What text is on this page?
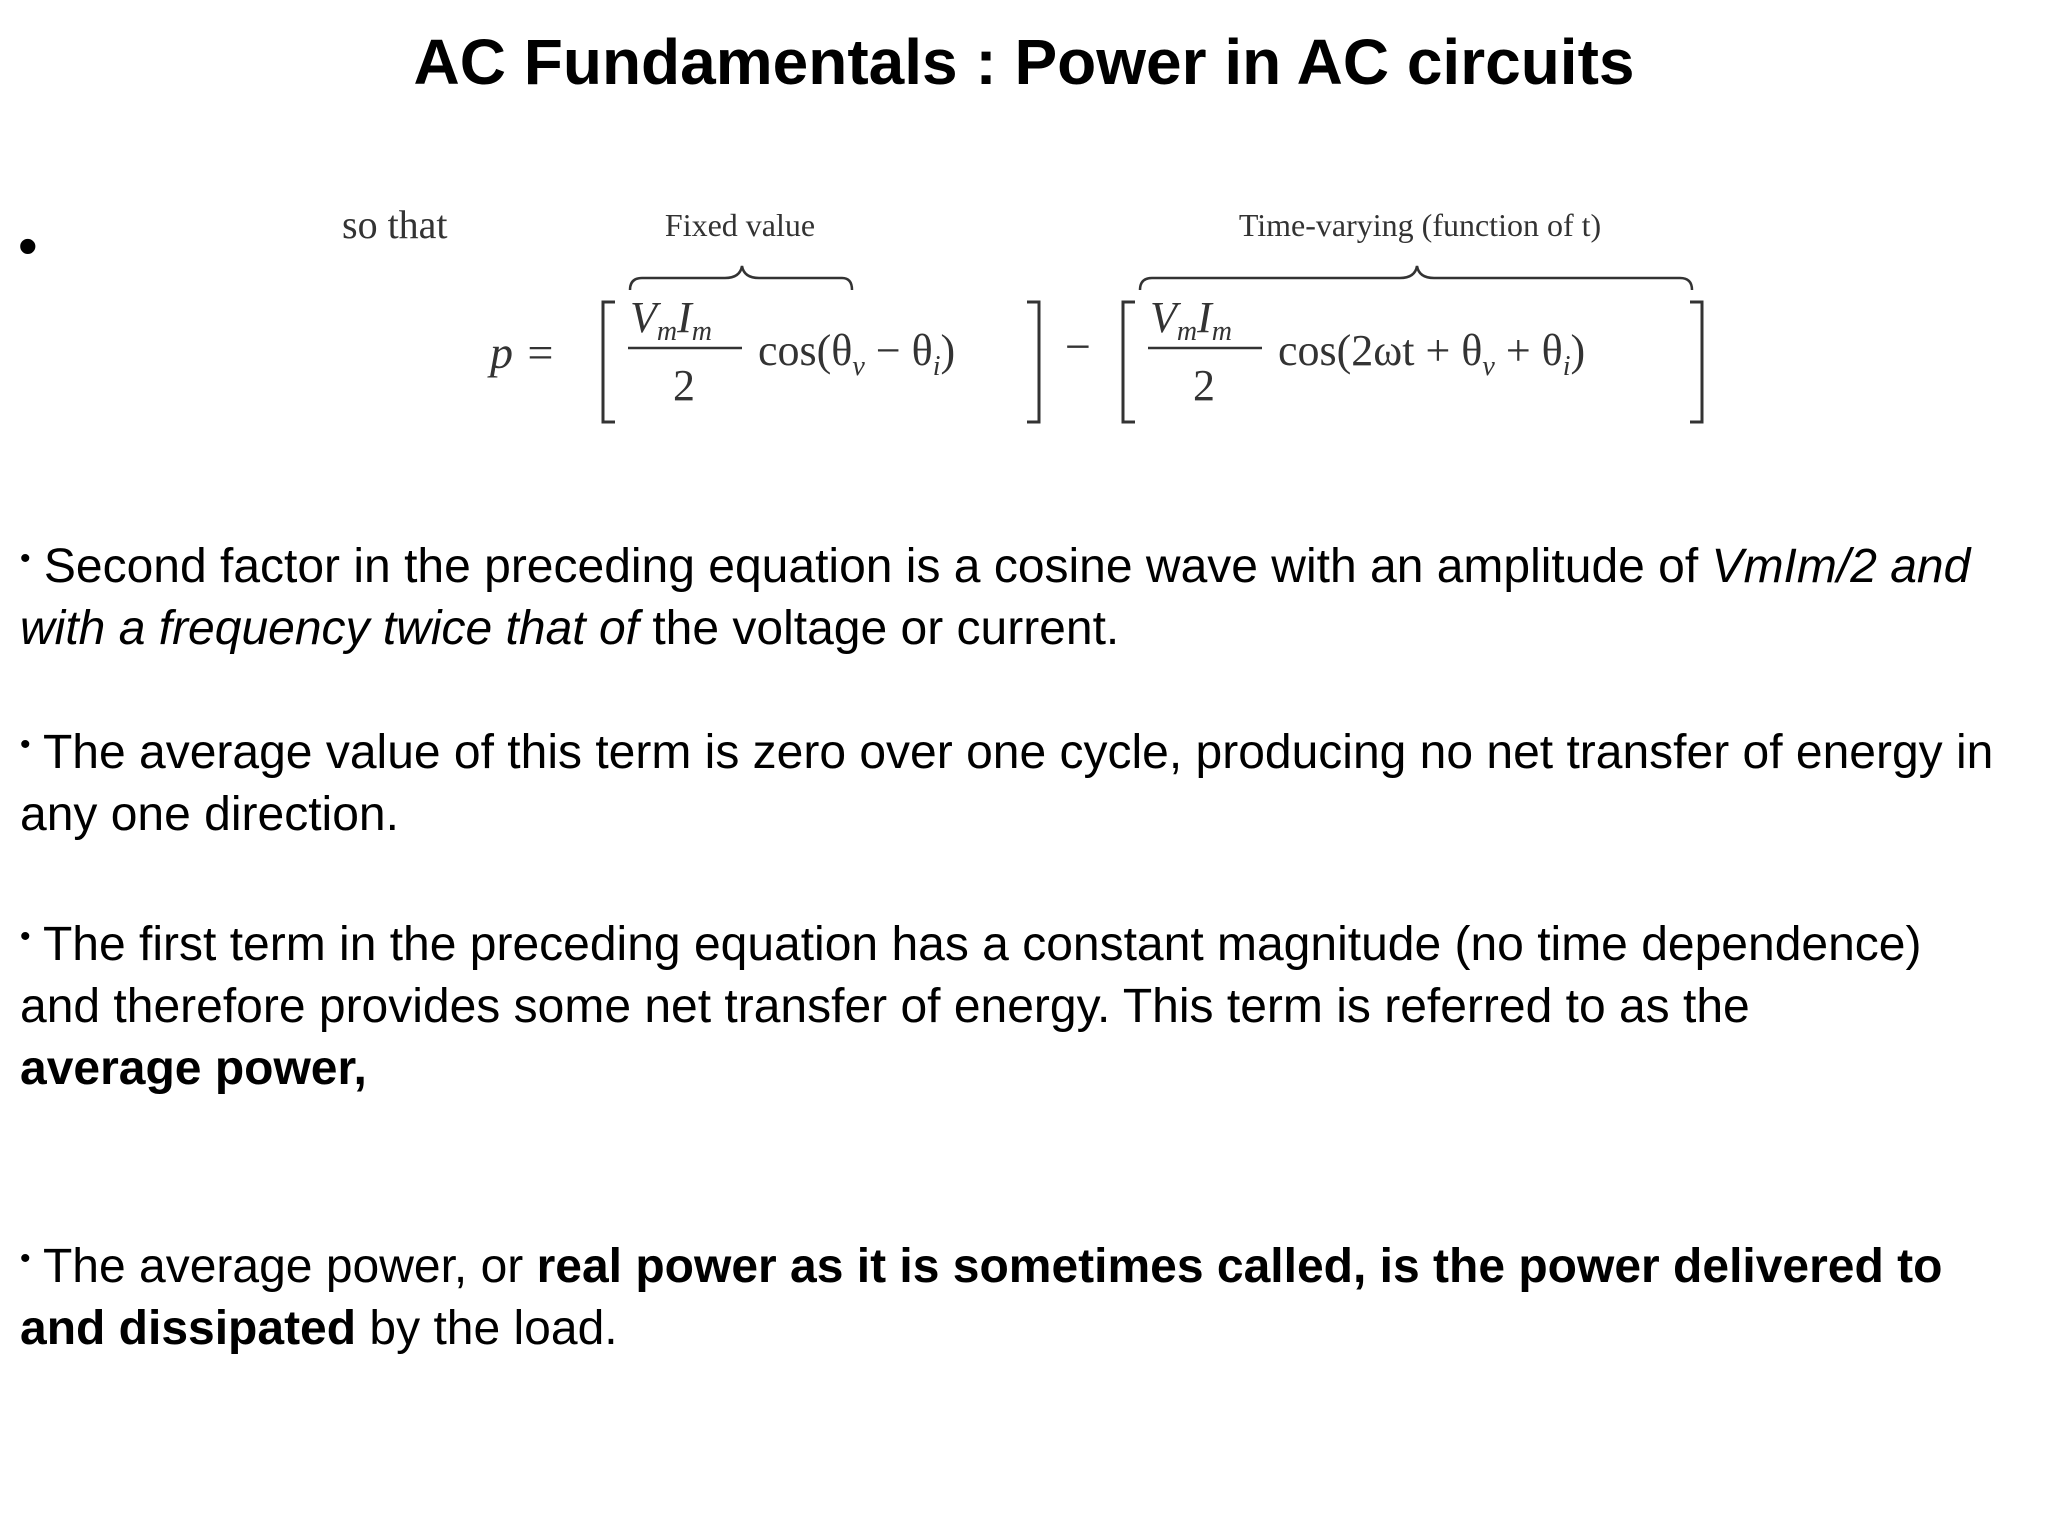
AC Fundamentals : Power in AC circuits
•	so that	Fixed value	Time-varying (function of t)
p =
VmIm
2
$\cos(\theta_v - \theta_i)$ −
VmIm
2
$\cos(2\omega t + \theta_v + \theta_i)$

• Second factor in the preceding equation is a cosine wave with an amplitude of VmIm/2 and with a frequency twice that of the voltage or current.

• The average value of this term is zero over one cycle, producing no net transfer of energy in any one direction.

• The first term in the preceding equation has a constant magnitude (no time dependence)
and therefore provides some net transfer of energy. This term is referred to as the
average power,

• The average power, or real power as it is sometimes called, is the power delivered to and dissipated by the load.
